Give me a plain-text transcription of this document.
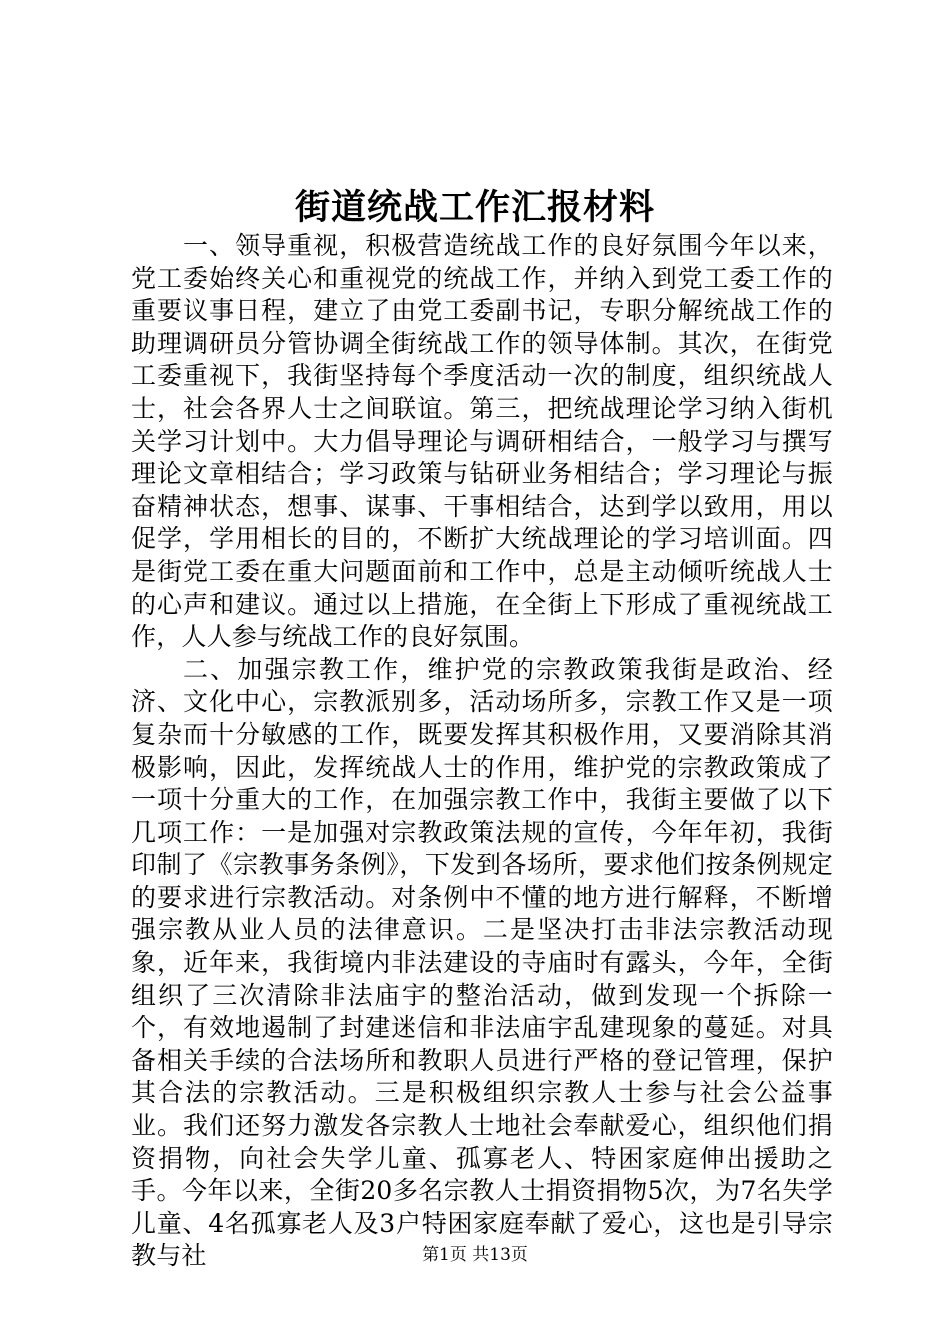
街道统战工作汇报材料

一、领导重视，积极营造统战工作的良好氛围今年以来，党工委始终关心和重视党的统战工作，并纳入到党工委工作的重要议事日程，建立了由党工委副书记，专职分解统战工作的助理调研员分管协调全街统战工作的领导体制。其次，在街党工委重视下，我街坚持每个季度活动一次的制度，组织统战人士，社会各界人士之间联谊。第三，把统战理论学习纳入街机关学习计划中。大力倡导理论与调研相结合，一般学习与撰写理论文章相结合；学习政策与钻研业务相结合；学习理论与振奋精神状态，想事、谋事、干事相结合，达到学以致用，用以促学，学用相长的目的，不断扩大统战理论的学习培训面。四是街党工委在重大问题面前和工作中，总是主动倾听统战人士的心声和建议。通过以上措施，在全街上下形成了重视统战工作，人人参与统战工作的良好氛围。

二、加强宗教工作，维护党的宗教政策我街是政治、经济、文化中心，宗教派别多，活动场所多，宗教工作又是一项复杂而十分敏感的工作，既要发挥其积极作用，又要消除其消极影响，因此，发挥统战人士的作用，维护党的宗教政策成了一项十分重大的工作，在加强宗教工作中，我街主要做了以下几项工作：一是加强对宗教政策法规的宣传，今年年初，我街印制了《宗教事务条例》，下发到各场所，要求他们按条例规定的要求进行宗教活动。对条例中不懂的地方进行解释，不断增强宗教从业人员的法律意识。二是坚决打击非法宗教活动现象，近年来，我街境内非法建设的寺庙时有露头，今年，全街组织了三次清除非法庙宇的整治活动，做到发现一个拆除一个，有效地遏制了封建迷信和非法庙宇乱建现象的蔓延。对具备相关手续的合法场所和教职人员进行严格的登记管理，保护其合法的宗教活动。三是积极组织宗教人士参与社会公益事业。我们还努力激发各宗教人士地社会奉献爱心，组织他们捐资捐物，向社会失学儿童、孤寡老人、特困家庭伸出援助之手。今年以来，全街20多名宗教人士捐资捐物5次，为7名失学儿童、4名孤寡老人及3户特困家庭奉献了爱心，这也是引导宗教与社	第1页 共13页
